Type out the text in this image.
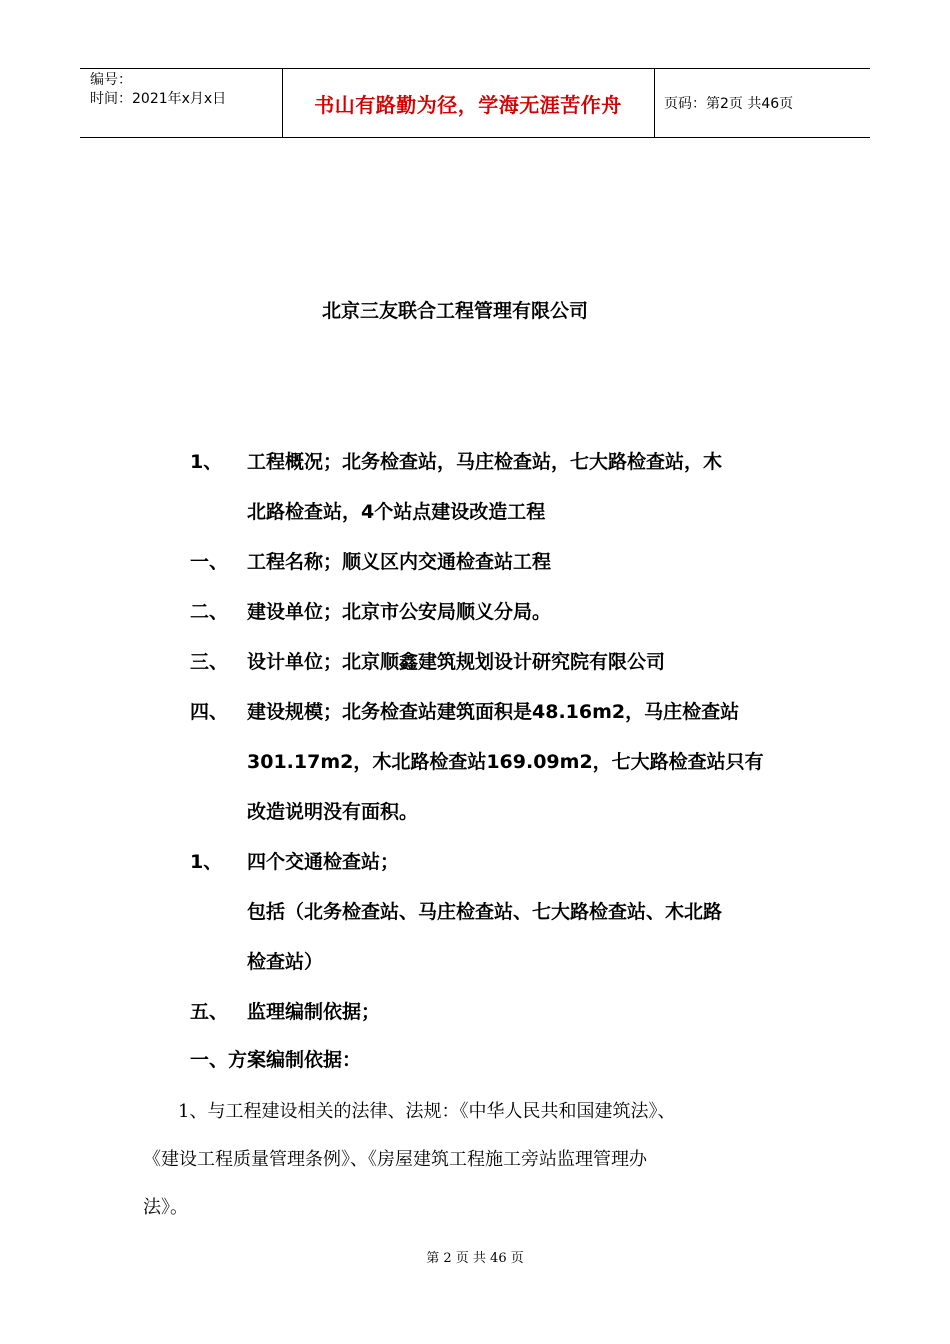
编号：
时间：2021年x月x日	书山有路勤为径，学海无涯苦作舟	页码：第2页 共46页
北京三友联合工程管理有限公司
1、 工程概况；北务检查站，马庄检查站，七大路检查站，木
北路检查站，4个站点建设改造工程
一、 工程名称；顺义区内交通检查站工程
二、 建设单位；北京市公安局顺义分局。
三、 设计单位；北京顺鑫建筑规划设计研究院有限公司
四、 建设规模；北务检查站建筑面积是48.16m2，马庄检查站
301.17m2，木北路检查站169.09m2，七大路检查站只有
改造说明没有面积。
1、 四个交通检查站；
包括（北务检查站、马庄检查站、七大路检查站、木北路
检查站）
五、 监理编制依据；
一、方案编制依据：
1、与工程建设相关的法律、法规：《中华人民共和国建筑法》、
《建设工程质量管理条例》、《房屋建筑工程施工旁站监理管理办
法》。
第 2 页 共 46 页
